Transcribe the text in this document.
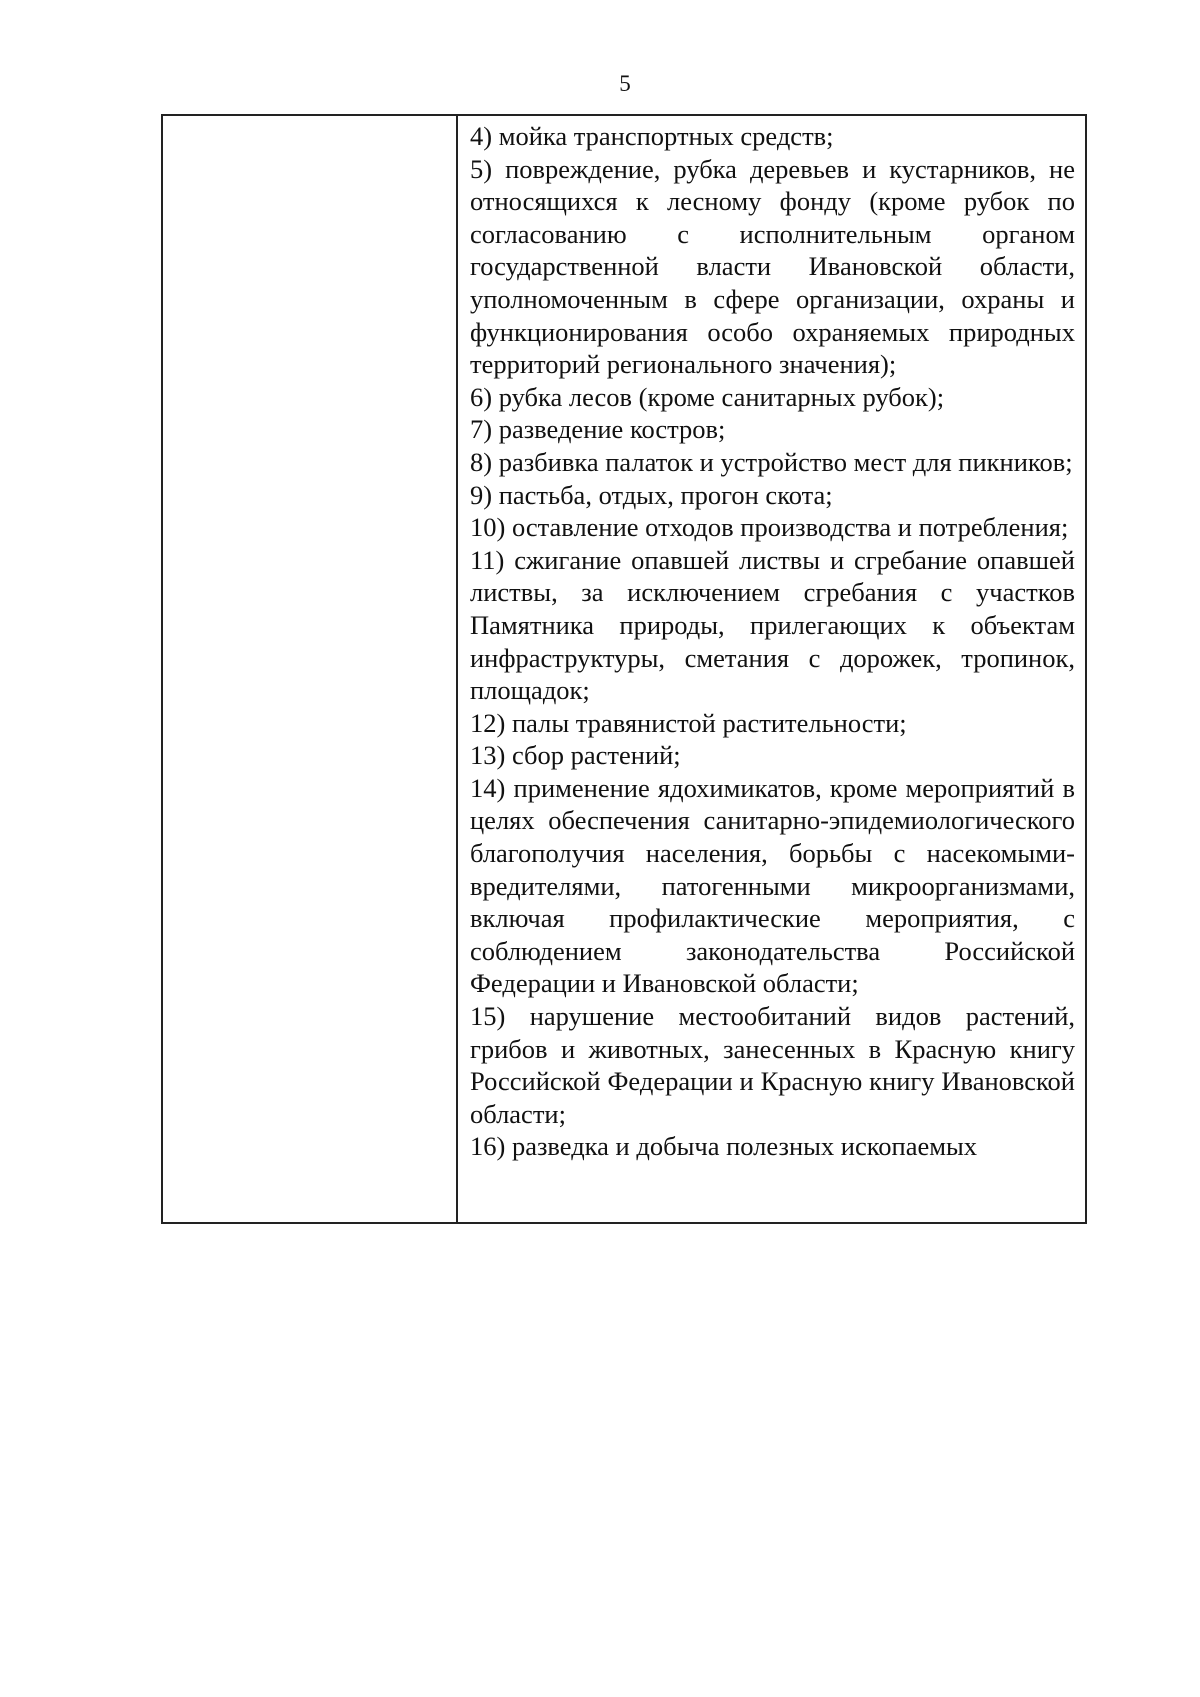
5

4) мойка транспортных средств;

5) повреждение, рубка деревьев и кустарников, не относящихся к лесному фонду (кроме рубок по согласованию с исполнительным органом государственной власти Ивановской области, уполномоченным в сфере организации, охраны и функционирования особо охраняемых природных территорий регионального значения);

6) рубка лесов (кроме санитарных рубок);

7) разведение костров;

8) разбивка палаток и устройство мест для пикников;

9) пастьба, отдых, прогон скота;

10) оставление отходов производства и потребления;

11) сжигание опавшей листвы и сгребание опавшей листвы, за исключением сгребания с участков Памятника природы, прилегающих к объектам инфраструктуры, сметания с дорожек, тропинок, площадок;

12) палы травянистой растительности;

13) сбор растений;

14) применение ядохимикатов, кроме мероприятий в целях обеспечения санитарно-эпидемиологического благополучия населения, борьбы с насекомыми-вредителями, патогенными микроорганизмами, включая профилактические мероприятия, с соблюдением законодательства Российской Федерации и Ивановской области;

15) нарушение местообитаний видов растений, грибов и животных, занесенных в Красную книгу Российской Федерации и Красную книгу Ивановской области;

16) разведка и добыча полезных ископаемых
